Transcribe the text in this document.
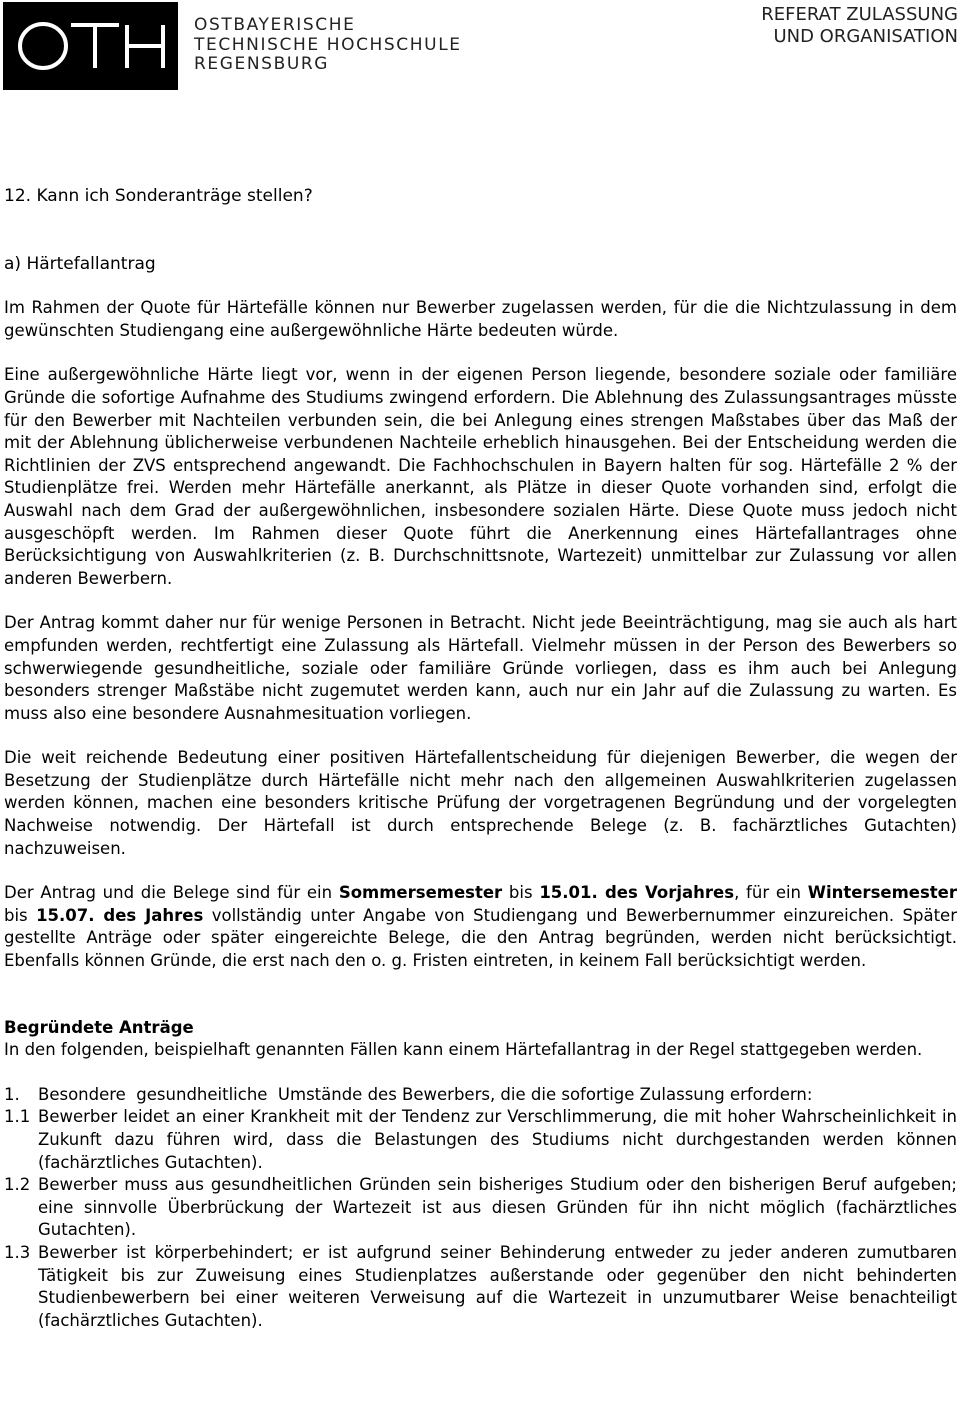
OSTBAYERISCHE
TECHNISCHE HOCHSCHULE
REGENSBURG
REFERAT ZULASSUNG
UND ORGANISATION

12. Kann ich Sonderanträge stellen?

a) Härtefallantrag

Im Rahmen der Quote für Härtefälle können nur Bewerber zugelassen werden, für die die Nichtzulassung in dem gewünschten Studiengang eine außergewöhnliche Härte bedeuten würde.

Eine außergewöhnliche Härte liegt vor, wenn in der eigenen Person liegende, besondere soziale oder familiäre Gründe die sofortige Aufnahme des Studiums zwingend erfordern. Die Ablehnung des Zulassungsantrages müsste für den Bewerber mit Nachteilen verbunden sein, die bei Anlegung eines strengen Maßstabes über das Maß der mit der Ablehnung üblicherweise verbundenen Nachteile erheblich hinausgehen. Bei der Entscheidung werden die Richtlinien der ZVS entsprechend angewandt. Die Fachhochschulen in Bayern halten für sog. Härtefälle 2 % der Studienplätze frei. Werden mehr Härtefälle anerkannt, als Plätze in dieser Quote vorhanden sind, erfolgt die Auswahl nach dem Grad der außergewöhnlichen, insbesondere sozialen Härte. Diese Quote muss jedoch nicht ausgeschöpft werden. Im Rahmen dieser Quote führt die Anerkennung eines Härtefallantrages ohne Berücksichtigung von Auswahlkriterien (z. B. Durchschnittsnote, Wartezeit) unmittelbar zur Zulassung vor allen anderen Bewerbern.

Der Antrag kommt daher nur für wenige Personen in Betracht. Nicht jede Beeinträchtigung, mag sie auch als hart empfunden werden, rechtfertigt eine Zulassung als Härtefall. Vielmehr müssen in der Person des Bewerbers so schwerwiegende gesundheitliche, soziale oder familiäre Gründe vorliegen, dass es ihm auch bei Anlegung besonders strenger Maßstäbe nicht zugemutet werden kann, auch nur ein Jahr auf die Zulassung zu warten. Es muss also eine besondere Ausnahmesituation vorliegen.

Die weit reichende Bedeutung einer positiven Härtefallentscheidung für diejenigen Bewerber, die wegen der Besetzung der Studienplätze durch Härtefälle nicht mehr nach den allgemeinen Auswahlkriterien zugelassen werden können, machen eine besonders kritische Prüfung der vorgetragenen Begründung und der vorgelegten Nachweise notwendig. Der Härtefall ist durch entsprechende Belege (z. B. fachärztliches Gutachten) nachzuweisen.

Der Antrag und die Belege sind für ein Sommersemester bis 15.01. des Vorjahres, für ein Wintersemester bis 15.07. des Jahres vollständig unter Angabe von Studiengang und Bewerbernummer einzureichen. Später gestellte Anträge oder später eingereichte Belege, die den Antrag begründen, werden nicht berücksichtigt. Ebenfalls können Gründe, die erst nach den o. g. Fristen eintreten, in keinem Fall berücksichtigt werden.

Begründete Anträge

In den folgenden, beispielhaft genannten Fällen kann einem Härtefallantrag in der Regel stattgegeben werden.

1. Besondere  gesundheitliche  Umstände des Bewerbers, die die sofortige Zulassung erfordern:
1.1 Bewerber leidet an einer Krankheit mit der Tendenz zur Verschlimmerung, die mit hoher Wahrscheinlichkeit in Zukunft dazu führen wird, dass die Belastungen des Studiums nicht durchgestanden werden können (fachärztliches Gutachten).
1.2 Bewerber muss aus gesundheitlichen Gründen sein bisheriges Studium oder den bisherigen Beruf aufgeben; eine sinnvolle Überbrückung der Wartezeit ist aus diesen Gründen für ihn nicht möglich (fachärztliches Gutachten).
1.3 Bewerber ist körperbehindert; er ist aufgrund seiner Behinderung entweder zu jeder anderen zumutbaren Tätigkeit bis zur Zuweisung eines Studienplatzes außerstande oder gegenüber den nicht behinderten Studienbewerbern bei einer weiteren Verweisung auf die Wartezeit in unzumutbarer Weise benachteiligt (fachärztliches Gutachten).
